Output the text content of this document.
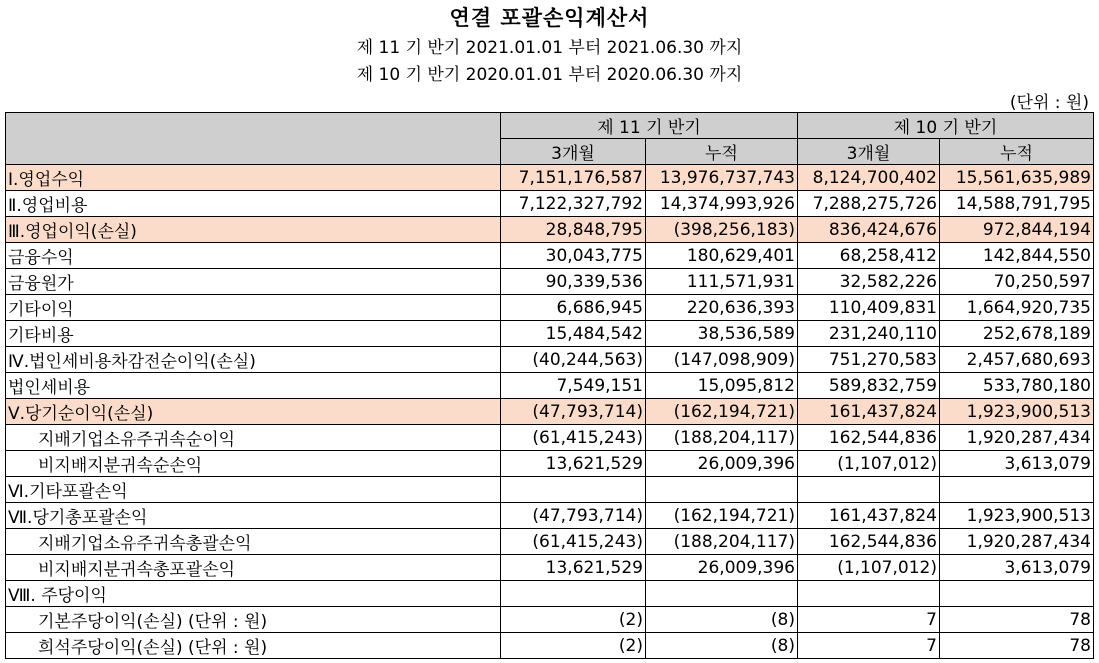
연결 포괄손익계산서
제 11 기 반기 2021.01.01 부터 2021.06.30 까지
제 10 기 반기 2020.01.01 부터 2020.06.30 까지
(단위 : 원)
	제 11 기 반기		제 10 기 반기	
	3개월	누적	3개월	누적
Ⅰ.영업수익	7,151,176,587	13,976,737,743	8,124,700,402	15,561,635,989
Ⅱ.영업비용	7,122,327,792	14,374,993,926	7,288,275,726	14,588,791,795
Ⅲ.영업이익(손실)	28,848,795	(398,256,183)	836,424,676	972,844,194
금융수익	30,043,775	180,629,401	68,258,412	142,844,550
금융원가	90,339,536	111,571,931	32,582,226	70,250,597
기타이익	6,686,945	220,636,393	110,409,831	1,664,920,735
기타비용	15,484,542	38,536,589	231,240,110	252,678,189
Ⅳ.법인세비용차감전순이익(손실)	(40,244,563)	(147,098,909)	751,270,583	2,457,680,693
법인세비용	7,549,151	15,095,812	589,832,759	533,780,180
Ⅴ.당기순이익(손실)	(47,793,714)	(162,194,721)	161,437,824	1,923,900,513
지배기업소유주귀속순이익	(61,415,243)	(188,204,117)	162,544,836	1,920,287,434
비지배지분귀속순손익	13,621,529	26,009,396	(1,107,012)	3,613,079
Ⅵ.기타포괄손익				
Ⅶ.당기총포괄손익	(47,793,714)	(162,194,721)	161,437,824	1,923,900,513
지배기업소유주귀속총괄손익	(61,415,243)	(188,204,117)	162,544,836	1,920,287,434
비지배지분귀속총포괄손익	13,621,529	26,009,396	(1,107,012)	3,613,079
Ⅷ. 주당이익				
기본주당이익(손실) (단위 : 원)	(2)	(8)	7	78
희석주당이익(손실) (단위 : 원)	(2)	(8)	7	78
